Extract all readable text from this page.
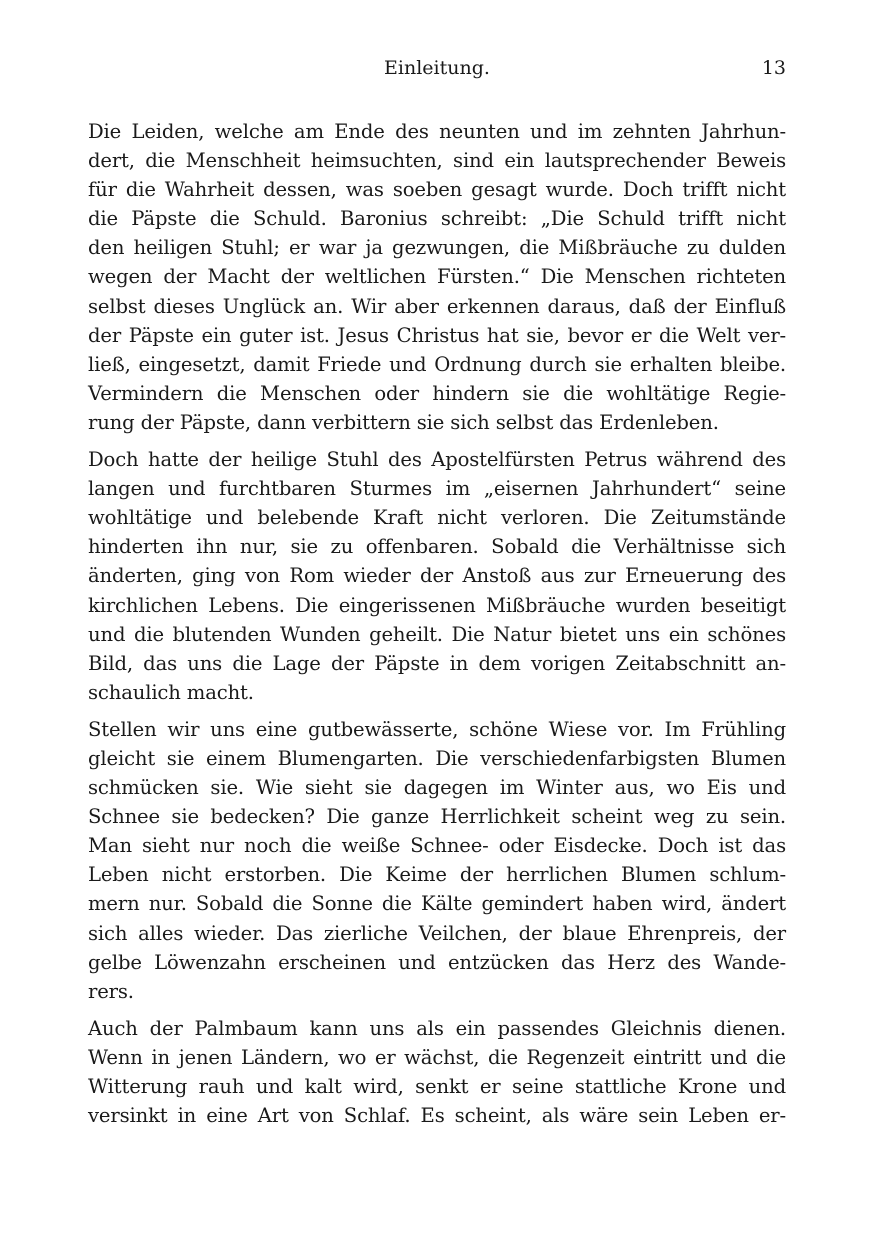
Einleitung.	13
Die Leiden, welche am Ende des neunten und im zehnten Jahrhun-
dert, die Menschheit heimsuchten, sind ein lautsprechender Beweis
für die Wahrheit dessen, was soeben gesagt wurde. Doch trifft nicht
die Päpste die Schuld. Baronius schreibt: „Die Schuld trifft nicht
den heiligen Stuhl; er war ja gezwungen, die Mißbräuche zu dulden
wegen der Macht der weltlichen Fürsten.“ Die Menschen richteten
selbst dieses Unglück an. Wir aber erkennen daraus, daß der Einfluß
der Päpste ein guter ist. Jesus Christus hat sie, bevor er die Welt ver-
ließ, eingesetzt, damit Friede und Ordnung durch sie erhalten bleibe.
Vermindern die Menschen oder hindern sie die wohltätige Regie-
rung der Päpste, dann verbittern sie sich selbst das Erdenleben.
Doch hatte der heilige Stuhl des Apostelfürsten Petrus während des
langen und furchtbaren Sturmes im „eisernen Jahrhundert“ seine
wohltätige und belebende Kraft nicht verloren. Die Zeitumstände
hinderten ihn nur, sie zu offenbaren. Sobald die Verhältnisse sich
änderten, ging von Rom wieder der Anstoß aus zur Erneuerung des
kirchlichen Lebens. Die eingerissenen Mißbräuche wurden beseitigt
und die blutenden Wunden geheilt. Die Natur bietet uns ein schönes
Bild, das uns die Lage der Päpste in dem vorigen Zeitabschnitt an-
schaulich macht.
Stellen wir uns eine gutbewässerte, schöne Wiese vor. Im Frühling
gleicht sie einem Blumengarten. Die verschiedenfarbigsten Blumen
schmücken sie. Wie sieht sie dagegen im Winter aus, wo Eis und
Schnee sie bedecken? Die ganze Herrlichkeit scheint weg zu sein.
Man sieht nur noch die weiße Schnee- oder Eisdecke. Doch ist das
Leben nicht erstorben. Die Keime der herrlichen Blumen schlum-
mern nur. Sobald die Sonne die Kälte gemindert haben wird, ändert
sich alles wieder. Das zierliche Veilchen, der blaue Ehrenpreis, der
gelbe Löwenzahn erscheinen und entzücken das Herz des Wande-
rers.
Auch der Palmbaum kann uns als ein passendes Gleichnis dienen.
Wenn in jenen Ländern, wo er wächst, die Regenzeit eintritt und die
Witterung rauh und kalt wird, senkt er seine stattliche Krone und
versinkt in eine Art von Schlaf. Es scheint, als wäre sein Leben er-
